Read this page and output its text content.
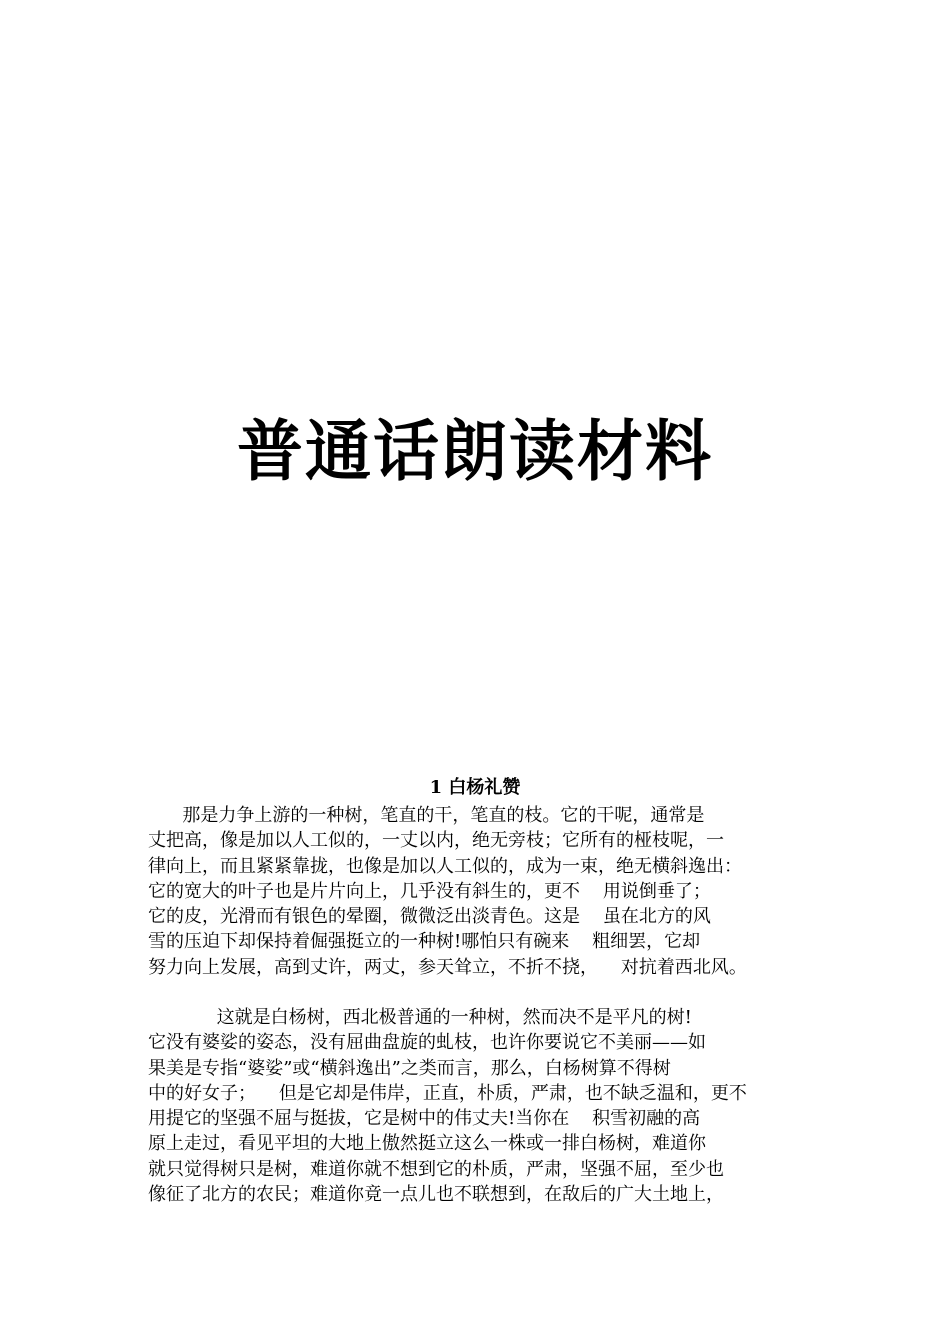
普通话朗读材料
1 白杨礼赞
那是力争上游的一种树，笔直的干，笔直的枝。它的干呢，通常是
丈把高，像是加以人工似的，一丈以内，绝无旁枝；它所有的桠枝呢，一
律向上，而且紧紧靠拢，也像是加以人工似的，成为一束，绝无横斜逸出：
它的宽大的叶子也是片片向上，几乎没有斜生的，更不    用说倒垂了；
它的皮，光滑而有银色的晕圈，微微泛出淡青色。这是    虽在北方的风
雪的压迫下却保持着倔强挺立的一种树!哪怕只有碗来    粗细罢，它却
努力向上发展，高到丈许，两丈，参天耸立，不折不挠，    对抗着西北风。
这就是白杨树，西北极普通的一种树，然而决不是平凡的树!
它没有婆娑的姿态，没有屈曲盘旋的虬枝，也许你要说它不美丽——如
果美是专指“婆娑”或“横斜逸出”之类而言，那么，白杨树算不得树
中的好女子；    但是它却是伟岸，正直，朴质，严肃，也不缺乏温和，更不
用提它的坚强不屈与挺拔，它是树中的伟丈夫!当你在    积雪初融的高
原上走过，看见平坦的大地上傲然挺立这么一株或一排白杨树，难道你
就只觉得树只是树，难道你就不想到它的朴质，严肃，坚强不屈，至少也
像征了北方的农民；难道你竟一点儿也不联想到，在敌后的广大土地上，
